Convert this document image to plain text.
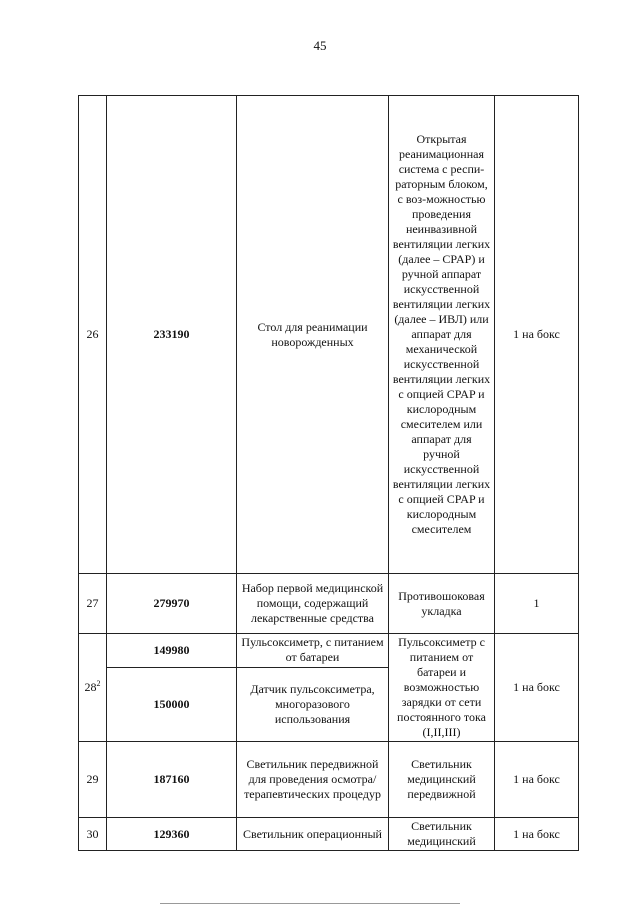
45
26	233190	Стол для реанимации новорожденных	Открытая реанимационная система с респи-раторным блоком, с воз-можностью проведения неинвазивной вентиляции легких (далее – CPAP) и ручной аппарат искусственной вентиляции легких (далее – ИВЛ) или аппарат для механической искусственной вентиляции легких с опцией CPAP и кислородным смесителем или аппарат для ручной искусственной вентиляции легких с опцией CPAP и кислородным смесителем	1 на бокс
27	279970	Набор первой медицинской помощи, содержащий лекарственные средства	Противошоковая укладка	1
$28^2$	149980	Пульсоксиметр, с питанием от батареи	Пульсоксиметр с питанием от батареи и возможностью зарядки от сети постоянного тока (I,II,III)	1 на бокс
	150000	Датчик пульсоксиметра, многоразового использования		
29	187160	Светильник передвижной для проведения осмотра/терапевтических процедур	Светильник медицинский передвижной	1 на бокс
30	129360	Светильник операционный	Светильник медицинский	1 на бокс
